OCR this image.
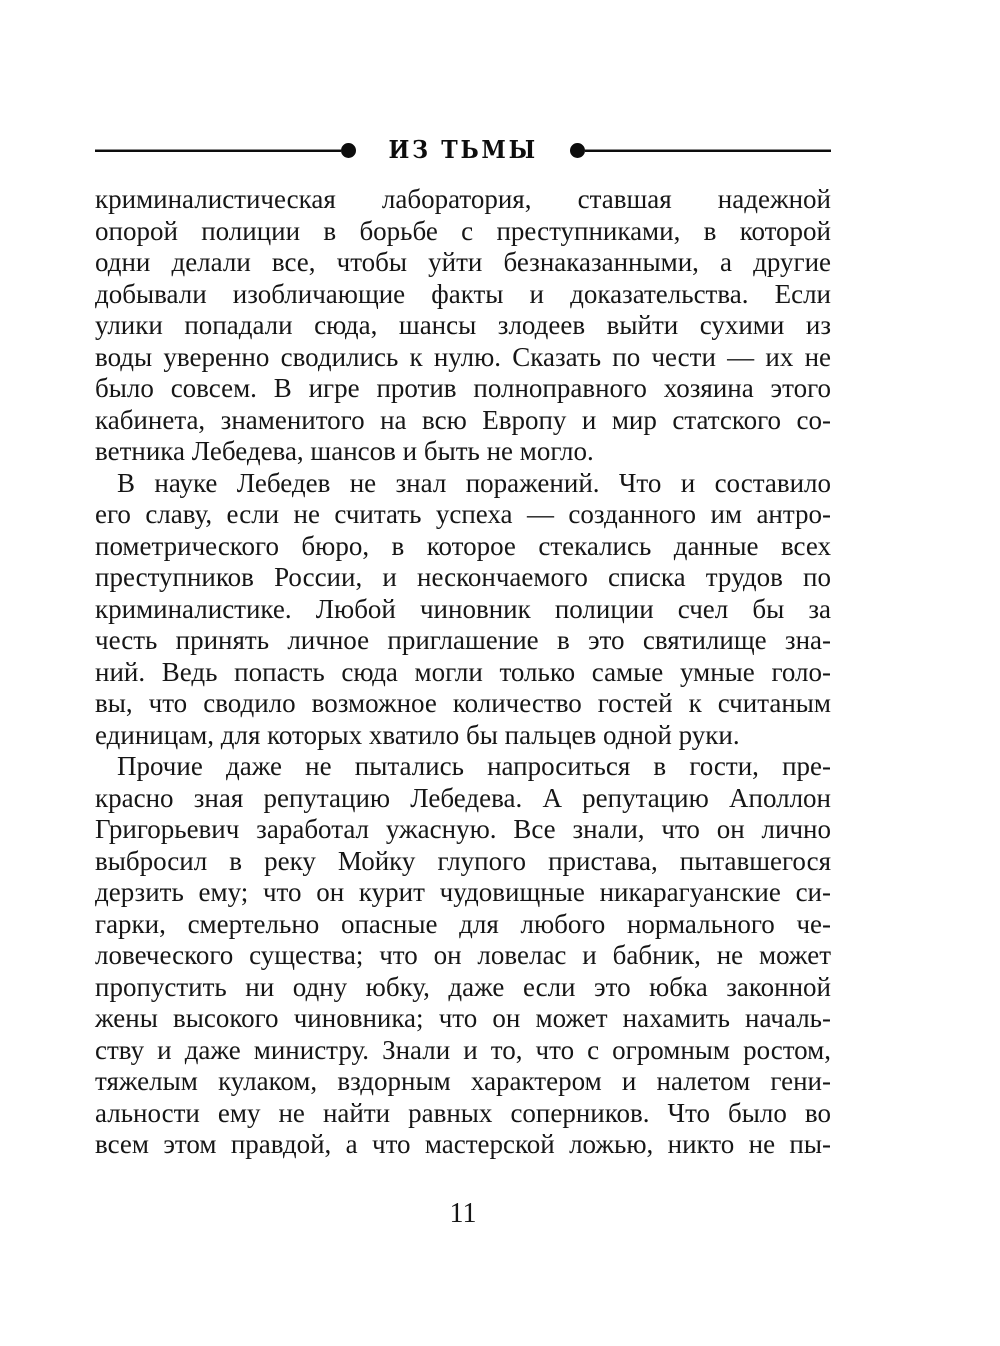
ИЗ ТЬМЫ
криминалистическая лаборатория, ставшая надежной
опорой полиции в борьбе с преступниками, в которой
одни делали все, чтобы уйти безнаказанными, а другие
добывали изобличающие факты и доказательства. Если
улики попадали сюда, шансы злодеев выйти сухими из
воды уверенно сводились к нулю. Сказать по чести — их не
было совсем. В игре против полноправного хозяина этого
кабинета, знаменитого на всю Европу и мир статского со-
ветника Лебедева, шансов и быть не могло.
В науке Лебедев не знал поражений. Что и составило
его славу, если не считать успеха — созданного им антро-
пометрического бюро, в которое стекались данные всех
преступников России, и нескончаемого списка трудов по
криминалистике. Любой чиновник полиции счел бы за
честь принять личное приглашение в это святилище зна-
ний. Ведь попасть сюда могли только самые умные голо-
вы, что сводило возможное количество гостей к считаным
единицам, для которых хватило бы пальцев одной руки.
Прочие даже не пытались напроситься в гости, пре-
красно зная репутацию Лебедева. А репутацию Аполлон
Григорьевич заработал ужасную. Все знали, что он лично
выбросил в реку Мойку глупого пристава, пытавшегося
дерзить ему; что он курит чудовищные никарагуанские си-
гарки, смертельно опасные для любого нормального че-
ловеческого существа; что он ловелас и бабник, не может
пропустить ни одну юбку, даже если это юбка законной
жены высокого чиновника; что он может нахамить началь-
ству и даже министру. Знали и то, что с огромным ростом,
тяжелым кулаком, вздорным характером и налетом гени-
альности ему не найти равных соперников. Что было во
всем этом правдой, а что мастерской ложью, никто не пы-
11
